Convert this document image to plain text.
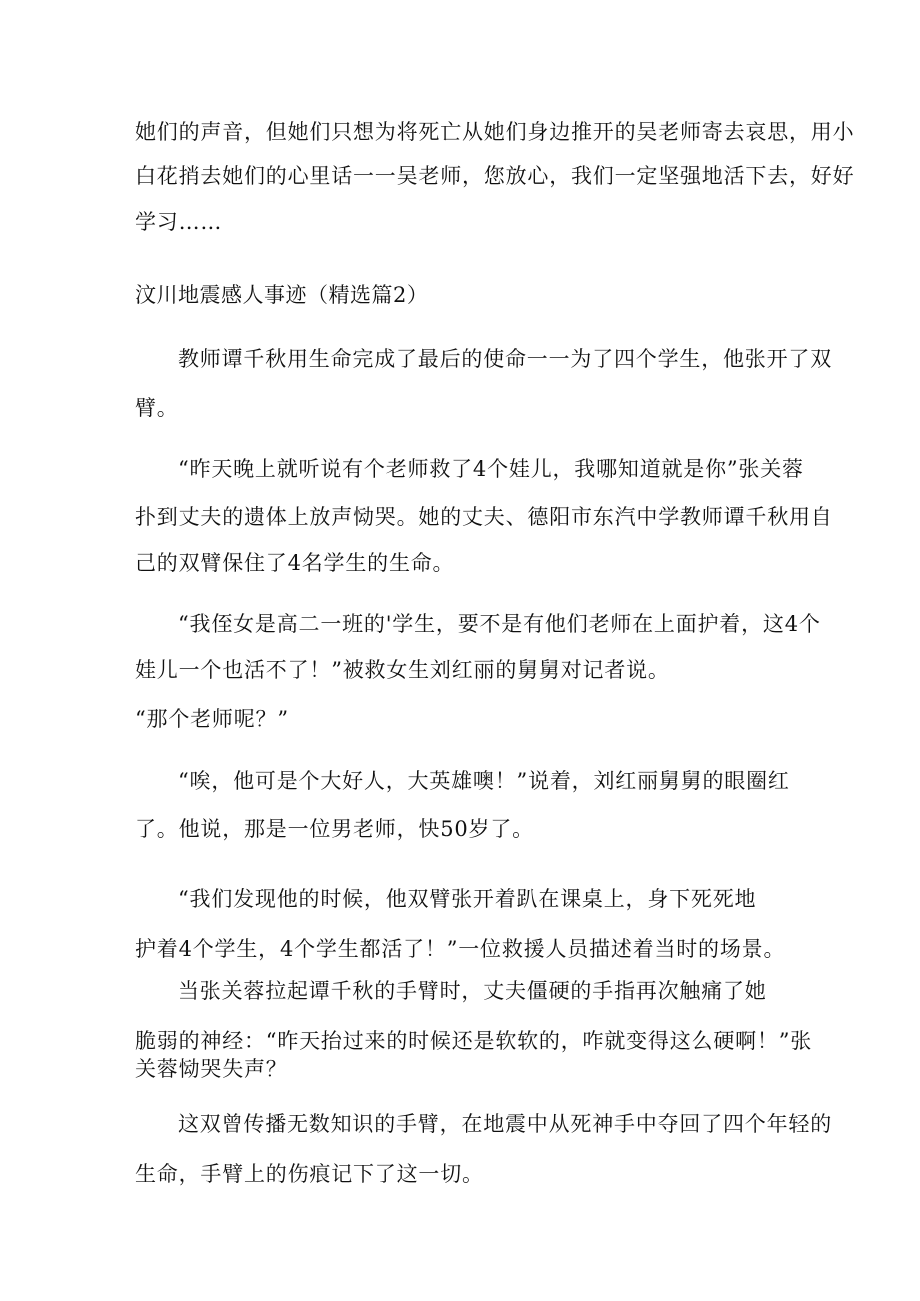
她们的声音，但她们只想为将死亡从她们身边推开的吴老师寄去哀思，用小
白花捎去她们的心里话一一吴老师，您放心，我们一定坚强地活下去，好好
学习……
汶川地震感人事迹（精选篇2）
教师谭千秋用生命完成了最后的使命一一为了四个学生，他张开了双
臂。
“昨天晚上就听说有个老师救了4个娃儿，我哪知道就是你”张关蓉
扑到丈夫的遗体上放声恸哭。她的丈夫、德阳市东汽中学教师谭千秋用自
己的双臂保住了4名学生的生命。
“我侄女是高二一班的'学生，要不是有他们老师在上面护着，这4个
娃儿一个也活不了！”被救女生刘红丽的舅舅对记者说。
“那个老师呢？”
“唉，他可是个大好人，大英雄噢！”说着，刘红丽舅舅的眼圈红
了。他说，那是一位男老师，快50岁了。
“我们发现他的时候，他双臂张开着趴在课桌上，身下死死地
护着4个学生，4个学生都活了！”一位救援人员描述着当时的场景。
当张关蓉拉起谭千秋的手臂时，丈夫僵硬的手指再次触痛了她
脆弱的神经：“昨天抬过来的时候还是软软的，咋就变得这么硬啊！”张
关蓉恸哭失声？
这双曾传播无数知识的手臂，在地震中从死神手中夺回了四个年轻的
生命，手臂上的伤痕记下了这一切。
